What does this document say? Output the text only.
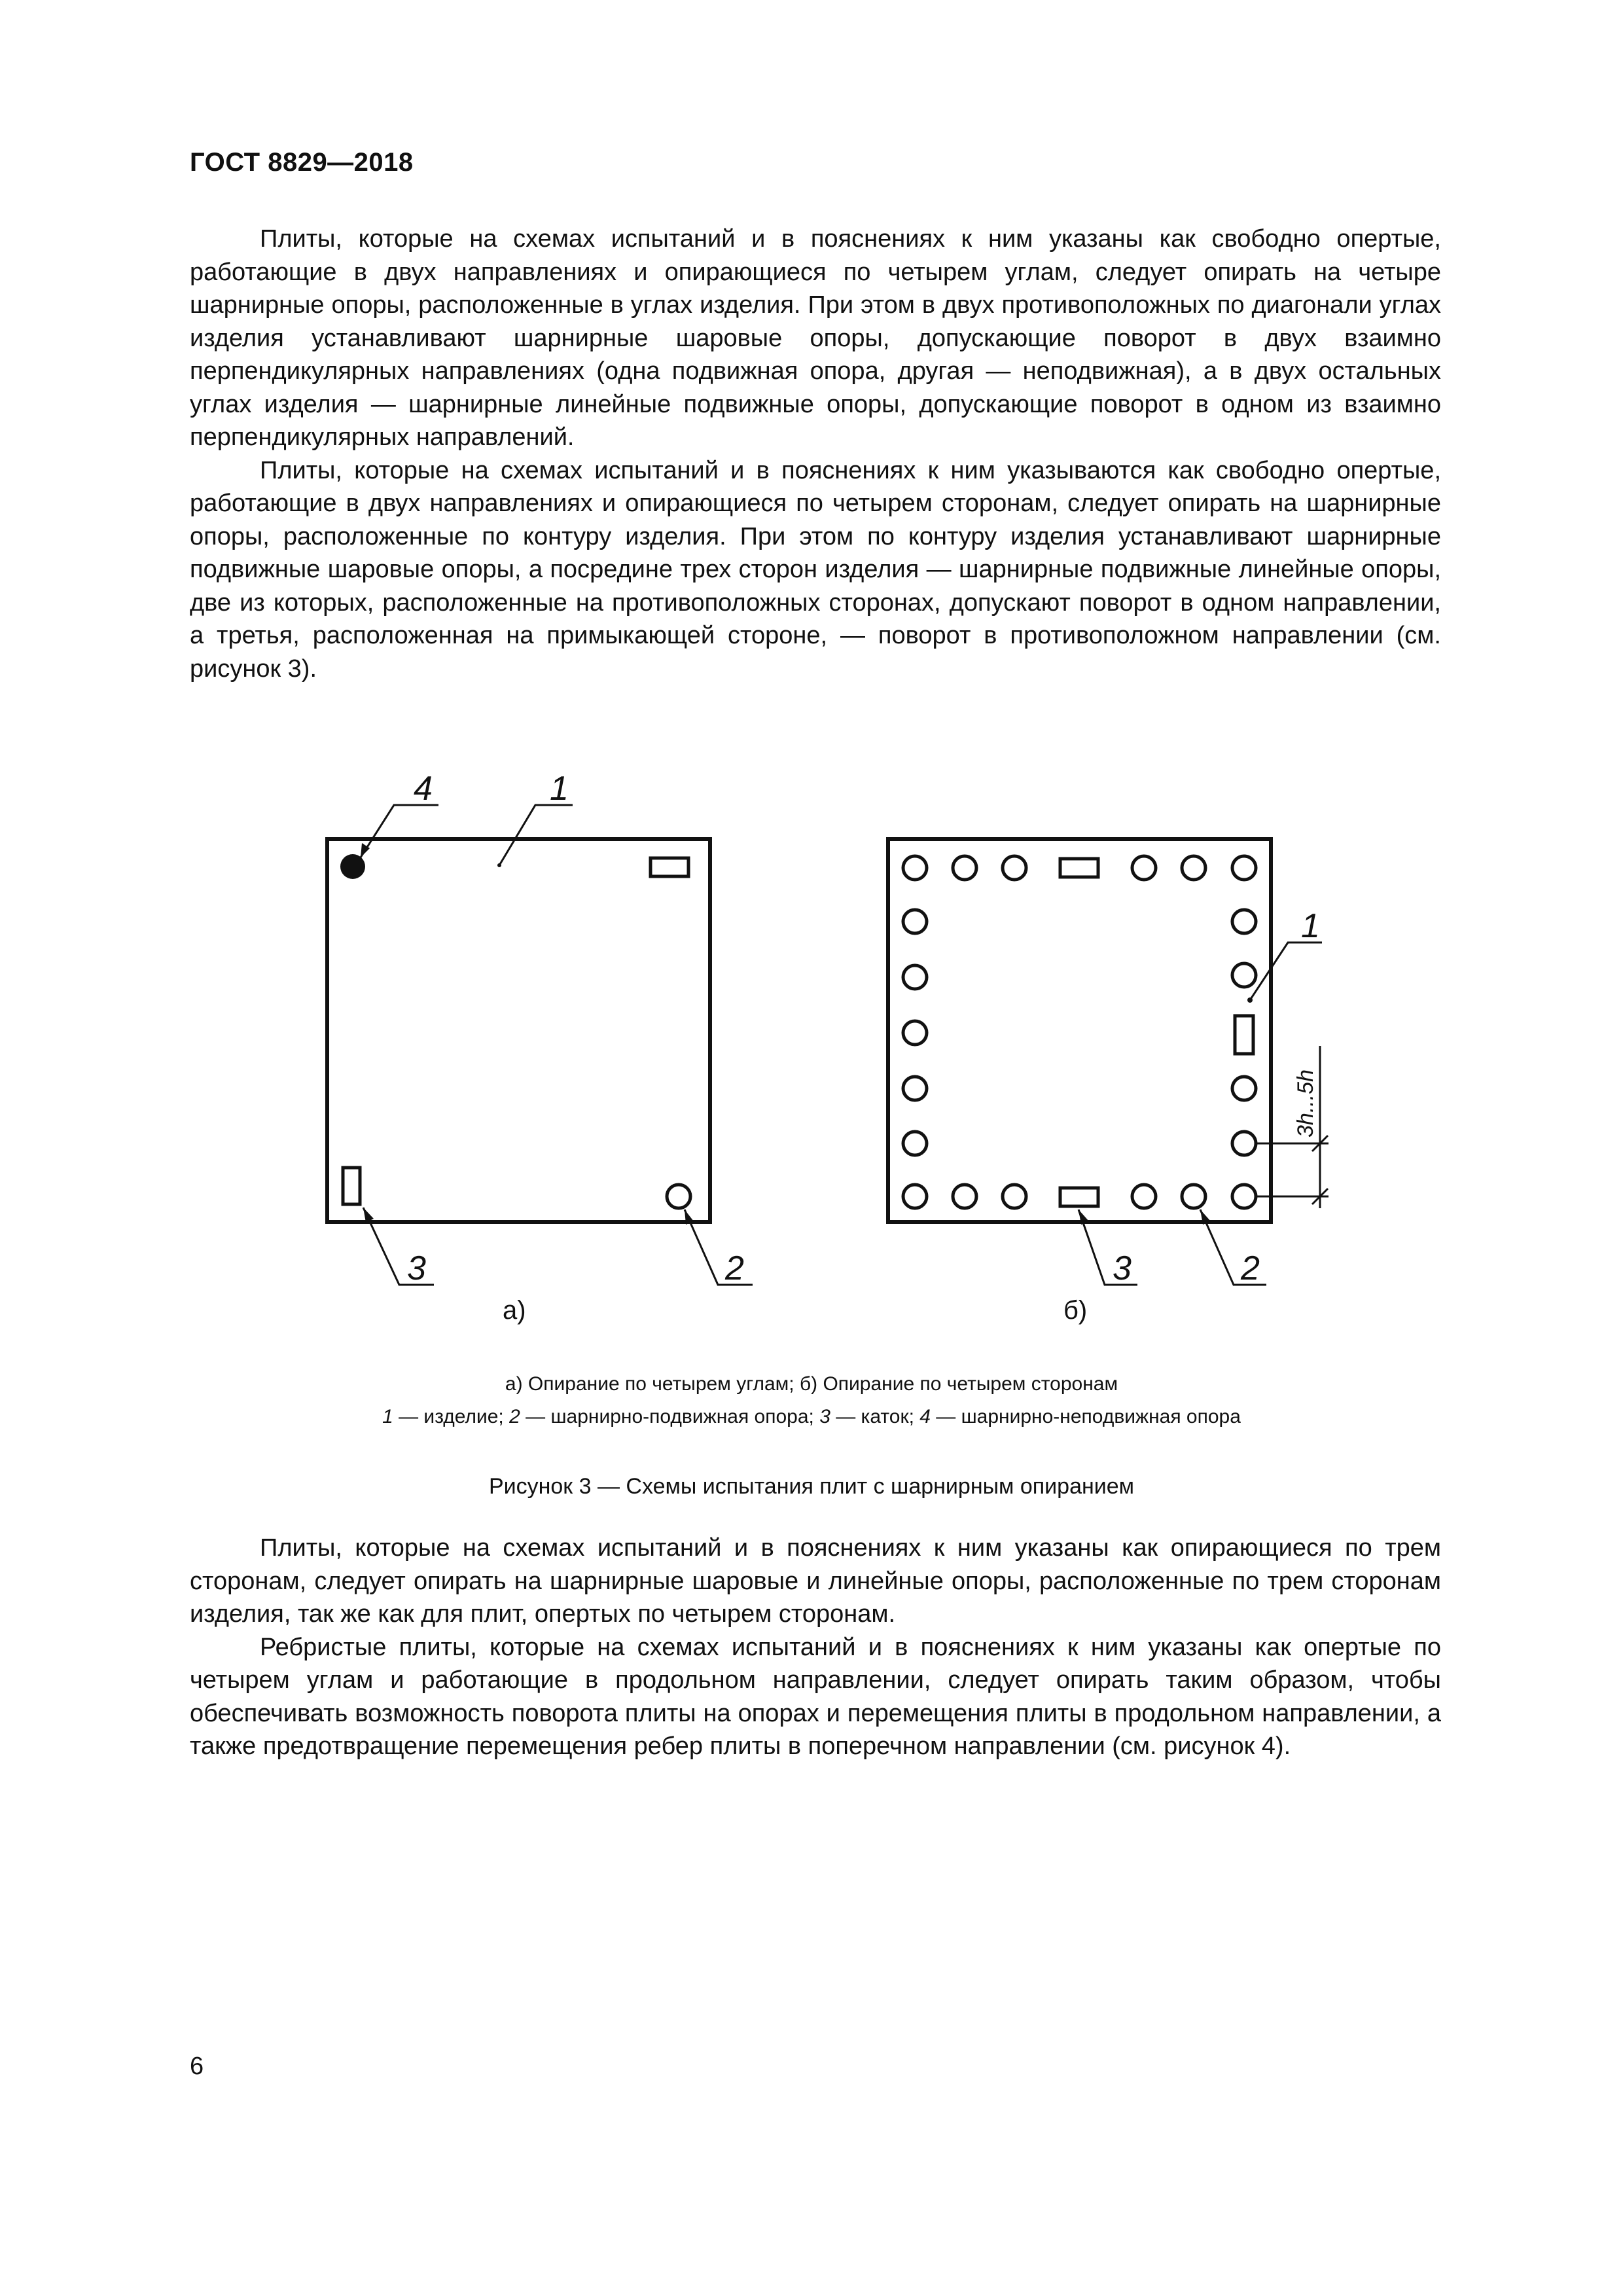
ГОСТ 8829—2018

Плиты, которые на схемах испытаний и в пояснениях к ним указаны как свободно опертые, работающие в двух направлениях и опирающиеся по четырем углам, следует опирать на четыре шарнирные опоры, расположенные в углах изделия. При этом в двух противоположных по диагонали углах изделия устанавливают шарнирные шаровые опоры, допускающие поворот в двух взаимно перпендикулярных направлениях (одна подвижная опора, другая — неподвижная), а в двух остальных углах изделия — шарнирные линейные подвижные опоры, допускающие поворот в одном из взаимно перпендикулярных направлений.

Плиты, которые на схемах испытаний и в пояснениях к ним указываются как свободно опертые, работающие в двух направлениях и опирающиеся по четырем сторонам, следует опирать на шарнирные опоры, расположенные по контуру изделия. При этом по контуру изделия устанавливают шарнирные подвижные шаровые опоры, а посредине трех сторон изделия — шарнирные подвижные линейные опоры, две из которых, расположенные на противоположных сторонах, допускают поворот в одном направлении, а третья, расположенная на примыкающей стороне, — поворот в противоположном направлении (см. рисунок 3).

4	1
3	2
1
3	2
3h...5h
а)	б)
а) Опирание по четырем углам; б) Опирание по четырем сторонам
1 — изделие; 2 — шарнирно-подвижная опора; 3 — каток; 4 — шарнирно-неподвижная опора
Рисунок 3 — Схемы испытания плит с шарнирным опиранием

Плиты, которые на схемах испытаний и в пояснениях к ним указаны как опирающиеся по трем сторонам, следует опирать на шарнирные шаровые и линейные опоры, расположенные по трем сторонам изделия, так же как для плит, опертых по четырем сторонам.

Ребристые плиты, которые на схемах испытаний и в пояснениях к ним указаны как опертые по четырем углам и работающие в продольном направлении, следует опирать таким образом, чтобы обеспечивать возможность поворота плиты на опорах и перемещения плиты в продольном направлении, а также предотвращение перемещения ребер плиты в поперечном направлении (см. рисунок 4).

6
